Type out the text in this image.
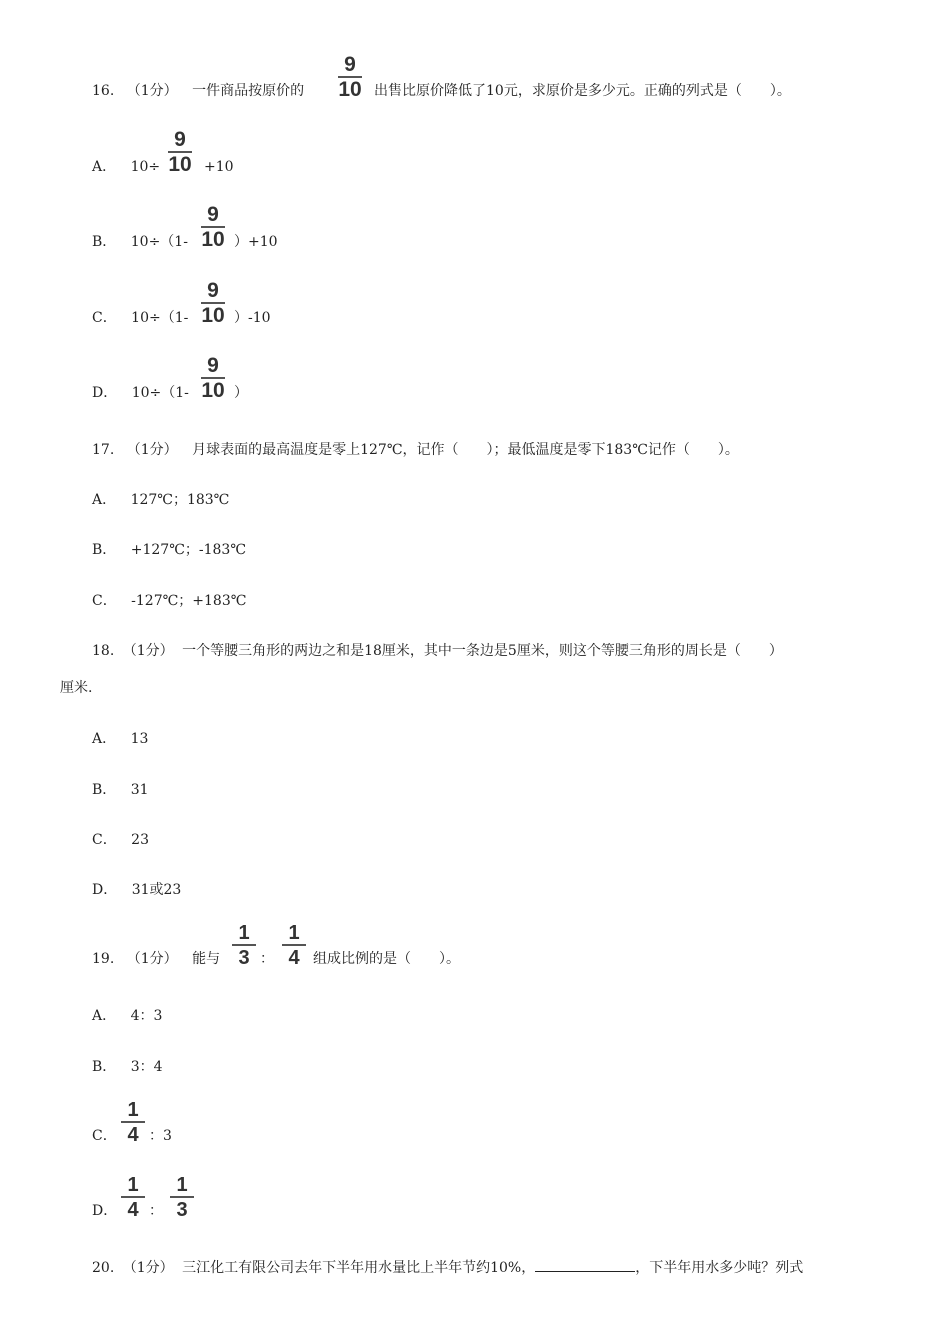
16. （1分） 一件商品按原价的
9
10 出售比原价降低了10元，求原价是多少元。正确的列式是（　　）。
A． 10÷
9
10 +10
B． 10÷（1-
9
10 ）+10
C． 10÷（1-
9
10 ）-10
D． 10÷（1-
9
10 ）
17. （1分） 月球表面的最高温度是零上127℃，记作（　　）；最低温度是零下183℃记作（　　）。
A． 127℃；183℃
B． +127℃；-183℃
C． -127℃；+183℃
18. （1分） 一个等腰三角形的两边之和是18厘米，其中一条边是5厘米，则这个等腰三角形的周长是（　　）
厘米.
A． 13
B． 31
C． 23
D． 31或23
19. （1分） 能与
1
3 ：
1
4 组成比例的是（　　）。
A． 4：3
B． 3：4
C．
1
4 ：3
D．
1
4 ：
1
3
20. （1分） 三江化工有限公司去年下半年用水量比上半年节约10%，	，下半年用水多少吨？列式
